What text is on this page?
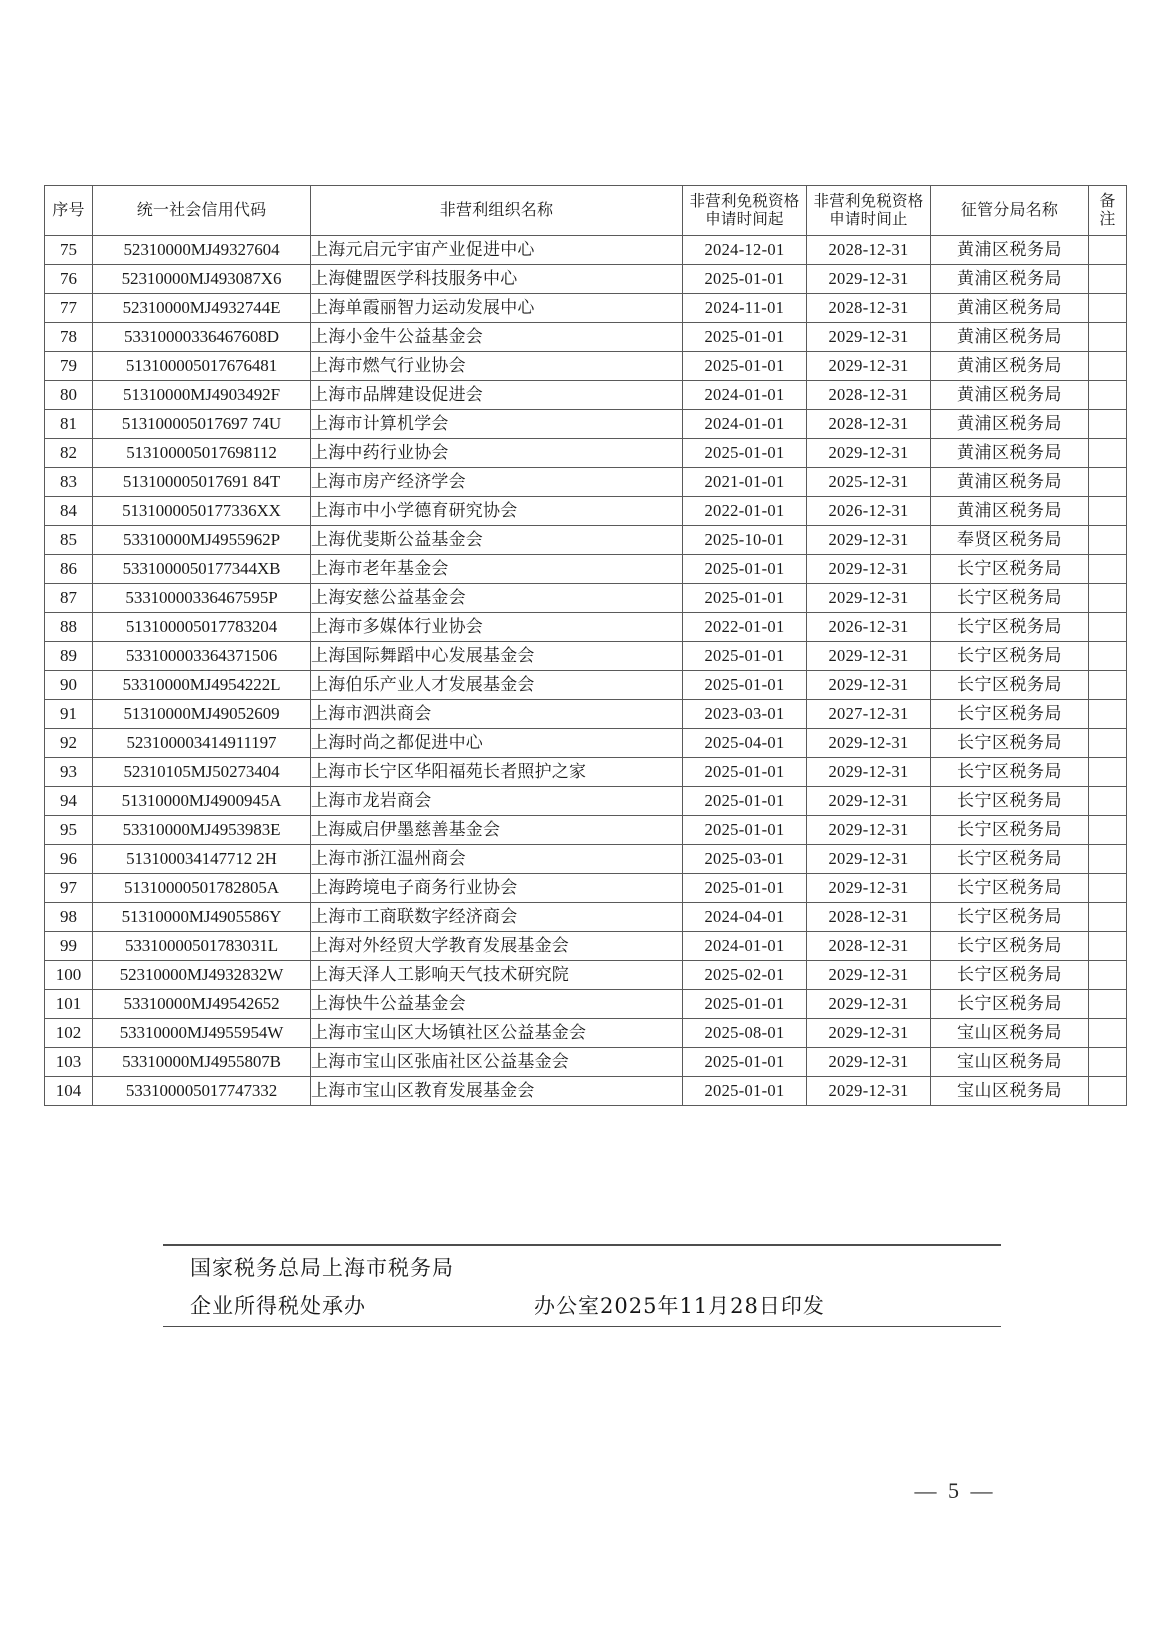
序号	统一社会信用代码	非营利组织名称	非营利免税资格申请时间起	非营利免税资格申请时间止	征管分局名称	备注
75	52310000MJ49327604	上海元启元宇宙产业促进中心	2024-12-01	2028-12-31	黄浦区税务局	
76	52310000MJ493087X6	上海健盟医学科技服务中心	2025-01-01	2029-12-31	黄浦区税务局	
77	52310000MJ4932744E	上海单霞丽智力运动发展中心	2024-11-01	2028-12-31	黄浦区税务局	
78	53310000336467608D	上海小金牛公益基金会	2025-01-01	2029-12-31	黄浦区税务局	
79	513100005017676481	上海市燃气行业协会	2025-01-01	2029-12-31	黄浦区税务局	
80	51310000MJ4903492F	上海市品牌建设促进会	2024-01-01	2028-12-31	黄浦区税务局	
81	513100005017697 74U	上海市计算机学会	2024-01-01	2028-12-31	黄浦区税务局	
82	513100005017698112	上海中药行业协会	2025-01-01	2029-12-31	黄浦区税务局	
83	513100005017691 84T	上海市房产经济学会	2021-01-01	2025-12-31	黄浦区税务局	
84	5131000050177336XX	上海市中小学德育研究协会	2022-01-01	2026-12-31	黄浦区税务局	
85	53310000MJ4955962P	上海优斐斯公益基金会	2025-10-01	2029-12-31	奉贤区税务局	
86	5331000050177344XB	上海市老年基金会	2025-01-01	2029-12-31	长宁区税务局	
87	53310000336467595P	上海安慈公益基金会	2025-01-01	2029-12-31	长宁区税务局	
88	513100005017783204	上海市多媒体行业协会	2022-01-01	2026-12-31	长宁区税务局	
89	533100003364371506	上海国际舞蹈中心发展基金会	2025-01-01	2029-12-31	长宁区税务局	
90	53310000MJ4954222L	上海伯乐产业人才发展基金会	2025-01-01	2029-12-31	长宁区税务局	
91	51310000MJ49052609	上海市泗洪商会	2023-03-01	2027-12-31	长宁区税务局	
92	523100003414911197	上海时尚之都促进中心	2025-04-01	2029-12-31	长宁区税务局	
93	52310105MJ50273404	上海市长宁区华阳福苑长者照护之家	2025-01-01	2029-12-31	长宁区税务局	
94	51310000MJ4900945A	上海市龙岩商会	2025-01-01	2029-12-31	长宁区税务局	
95	53310000MJ4953983E	上海威启伊墨慈善基金会	2025-01-01	2029-12-31	长宁区税务局	
96	513100034147712 2H	上海市浙江温州商会	2025-03-01	2029-12-31	长宁区税务局	
97	51310000501782805A	上海跨境电子商务行业协会	2025-01-01	2029-12-31	长宁区税务局	
98	51310000MJ4905586Y	上海市工商联数字经济商会	2024-04-01	2028-12-31	长宁区税务局	
99	53310000501783031L	上海对外经贸大学教育发展基金会	2024-01-01	2028-12-31	长宁区税务局	
100	52310000MJ4932832W	上海天泽人工影响天气技术研究院	2025-02-01	2029-12-31	长宁区税务局	
101	53310000MJ49542652	上海快牛公益基金会	2025-01-01	2029-12-31	长宁区税务局	
102	53310000MJ4955954W	上海市宝山区大场镇社区公益基金会	2025-08-01	2029-12-31	宝山区税务局	
103	53310000MJ4955807B	上海市宝山区张庙社区公益基金会	2025-01-01	2029-12-31	宝山区税务局	
104	533100005017747332	上海市宝山区教育发展基金会	2025-01-01	2029-12-31	宝山区税务局	
国家税务总局上海市税务局
企业所得税处承办	办公室2025年11月28日印发
— 5 —
